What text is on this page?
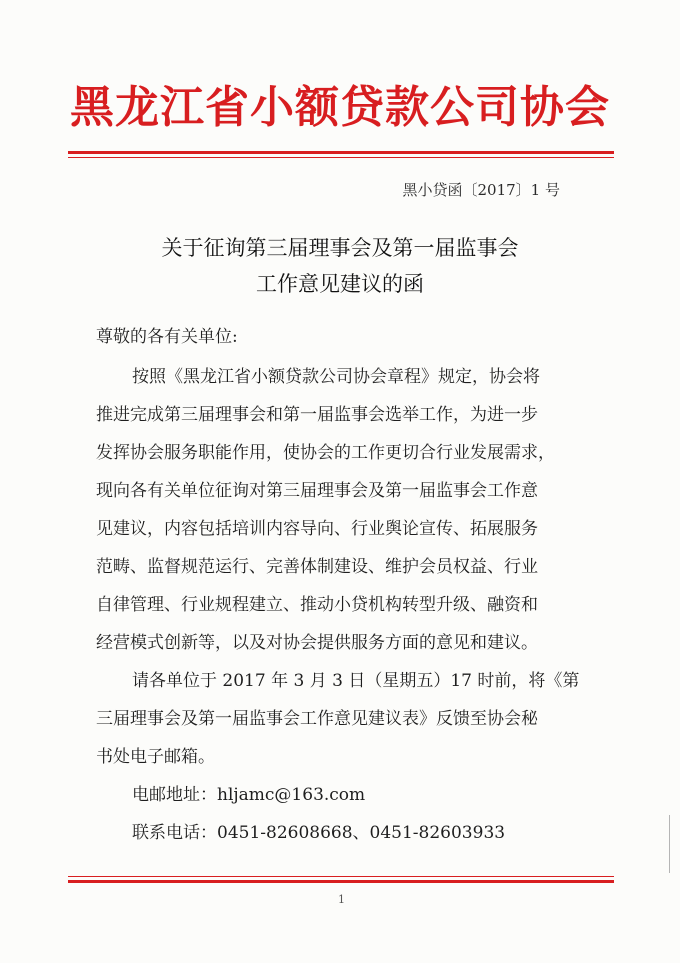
黑龙江省小额贷款公司协会
黑小贷函〔2017〕1 号
关于征询第三届理事会及第一届监事会
工作意见建议的函
尊敬的各有关单位:
按照《黑龙江省小额贷款公司协会章程》规定，协会将
推进完成第三届理事会和第一届监事会选举工作，为进一步
发挥协会服务职能作用，使协会的工作更切合行业发展需求，
现向各有关单位征询对第三届理事会及第一届监事会工作意
见建议，内容包括培训内容导向、行业舆论宣传、拓展服务
范畴、监督规范运行、完善体制建设、维护会员权益、行业
自律管理、行业规程建立、推动小贷机构转型升级、融资和
经营模式创新等，以及对协会提供服务方面的意见和建议。
请各单位于 2017 年 3 月 3 日（星期五）17 时前，将《第
三届理事会及第一届监事会工作意见建议表》反馈至协会秘
书处电子邮箱。
电邮地址：hljamc@163.com
联系电话：0451-82608668、0451-82603933
1
